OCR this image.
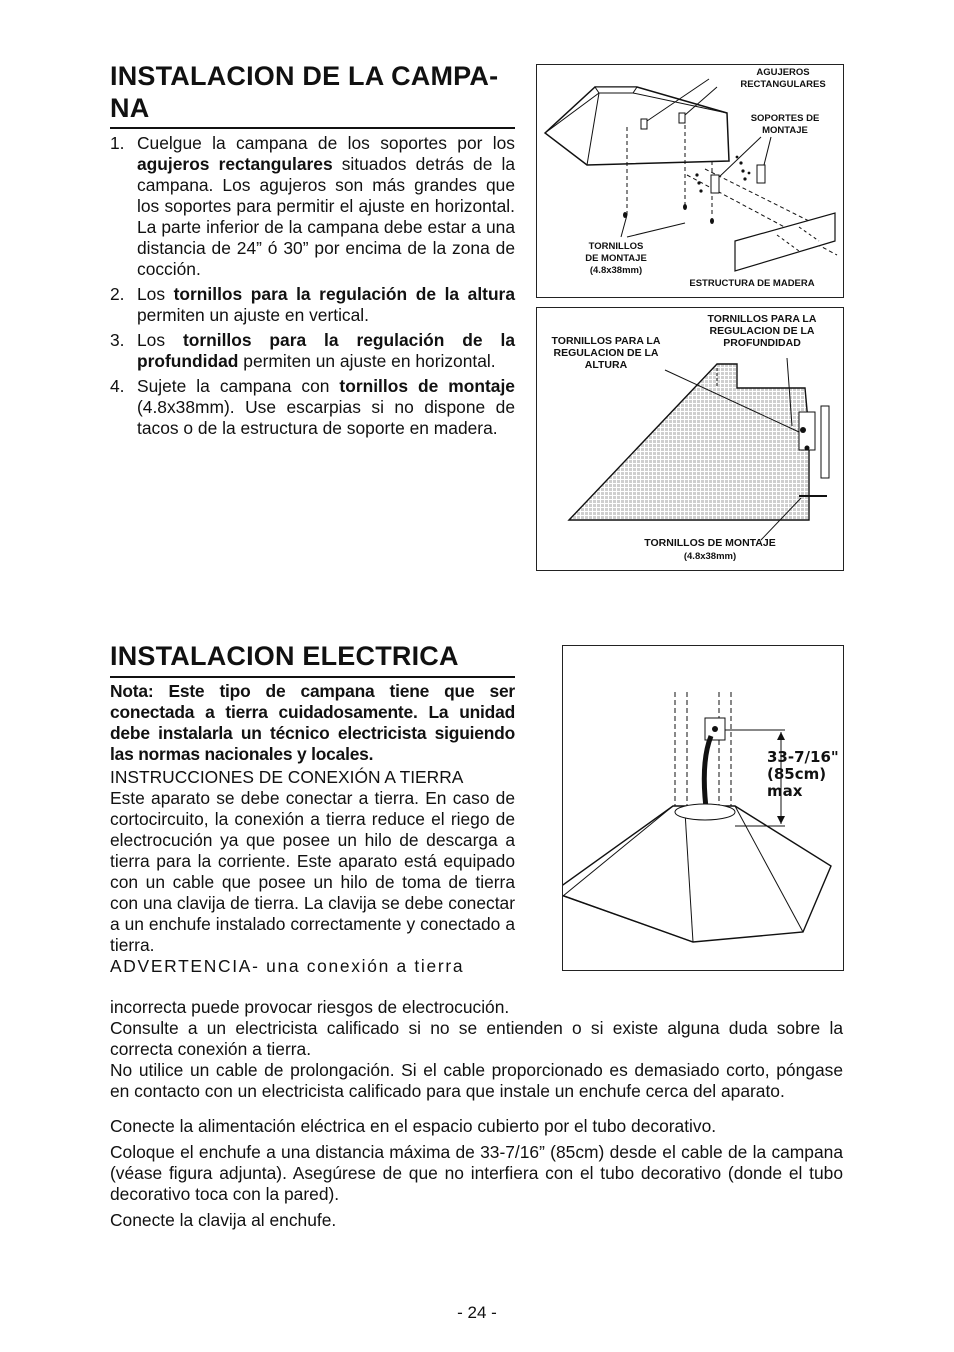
INSTALACION DE LA CAMPA-
NA
1. Cuelgue la campana de los soportes por los agujeros rectangulares situados detrás de la campana. Los agujeros son más grandes que los soportes para permitir el ajuste en horizontal. La parte inferior de la campana debe estar a una distancia de 24” ó 30” por encima de la zona de cocción.
2. Los tornillos para la regulación de la altura permiten un ajuste en vertical.
3. Los tornillos para la regulación de la profundidad permiten un ajuste en horizontal.
4. Sujete la campana con tornillos de montaje (4.8x38mm). Use escarpias si no dispone de tacos o de la estructura de soporte en madera.
AGUJEROS RECTANGULARES
SOPORTES DE MONTAJE
TORNILLOS
DE MONTAJE
(4.8x38mm)
ESTRUCTURA DE MADERA
TORNILLOS PARA LA REGULACION DE LA ALTURA
TORNILLOS PARA LA REGULACION DE LA PROFUNDIDAD
TORNILLOS DE MONTAJE
(4.8x38mm)
INSTALACION ELECTRICA

Nota: Este tipo de campana tiene que ser conectada a tierra cuidadosamente. La unidad debe instalarla un técnico electricista siguiendo las normas nacionales y locales.

INSTRUCCIONES DE CONEXIÓN A TIERRA

Este aparato se debe conectar a tierra. En caso de cortocircuito, la conexión a tierra reduce el riego de electrocución ya que posee un hilo de descarga a tierra para la corriente. Este aparato está equipado con un cable que posee un hilo de toma de tierra con una clavija de tierra. La clavija se debe conectar a un enchufe instalado correctamente y conectado a tierra.

ADVERTENCIA- una conexión a tierra

33-7/16"
(85cm)
max

incorrecta puede provocar riesgos de electrocución.

Consulte a un electricista calificado si no se entienden o si existe alguna duda sobre la correcta conexión a tierra.

No utilice un cable de prolongación. Si el cable proporcionado es demasiado corto, póngase en contacto con un electricista calificado para que instale un enchufe cerca del aparato.

Conecte la alimentación eléctrica en el espacio cubierto por el tubo decorativo.

Coloque el enchufe a una distancia máxima de 33-7/16” (85cm) desde el cable de la campana (véase figura adjunta). Asegúrese de que no interfiera con el tubo decorativo (donde el tubo decorativo toca con la pared).

Conecte la clavija al enchufe.

- 24 -
